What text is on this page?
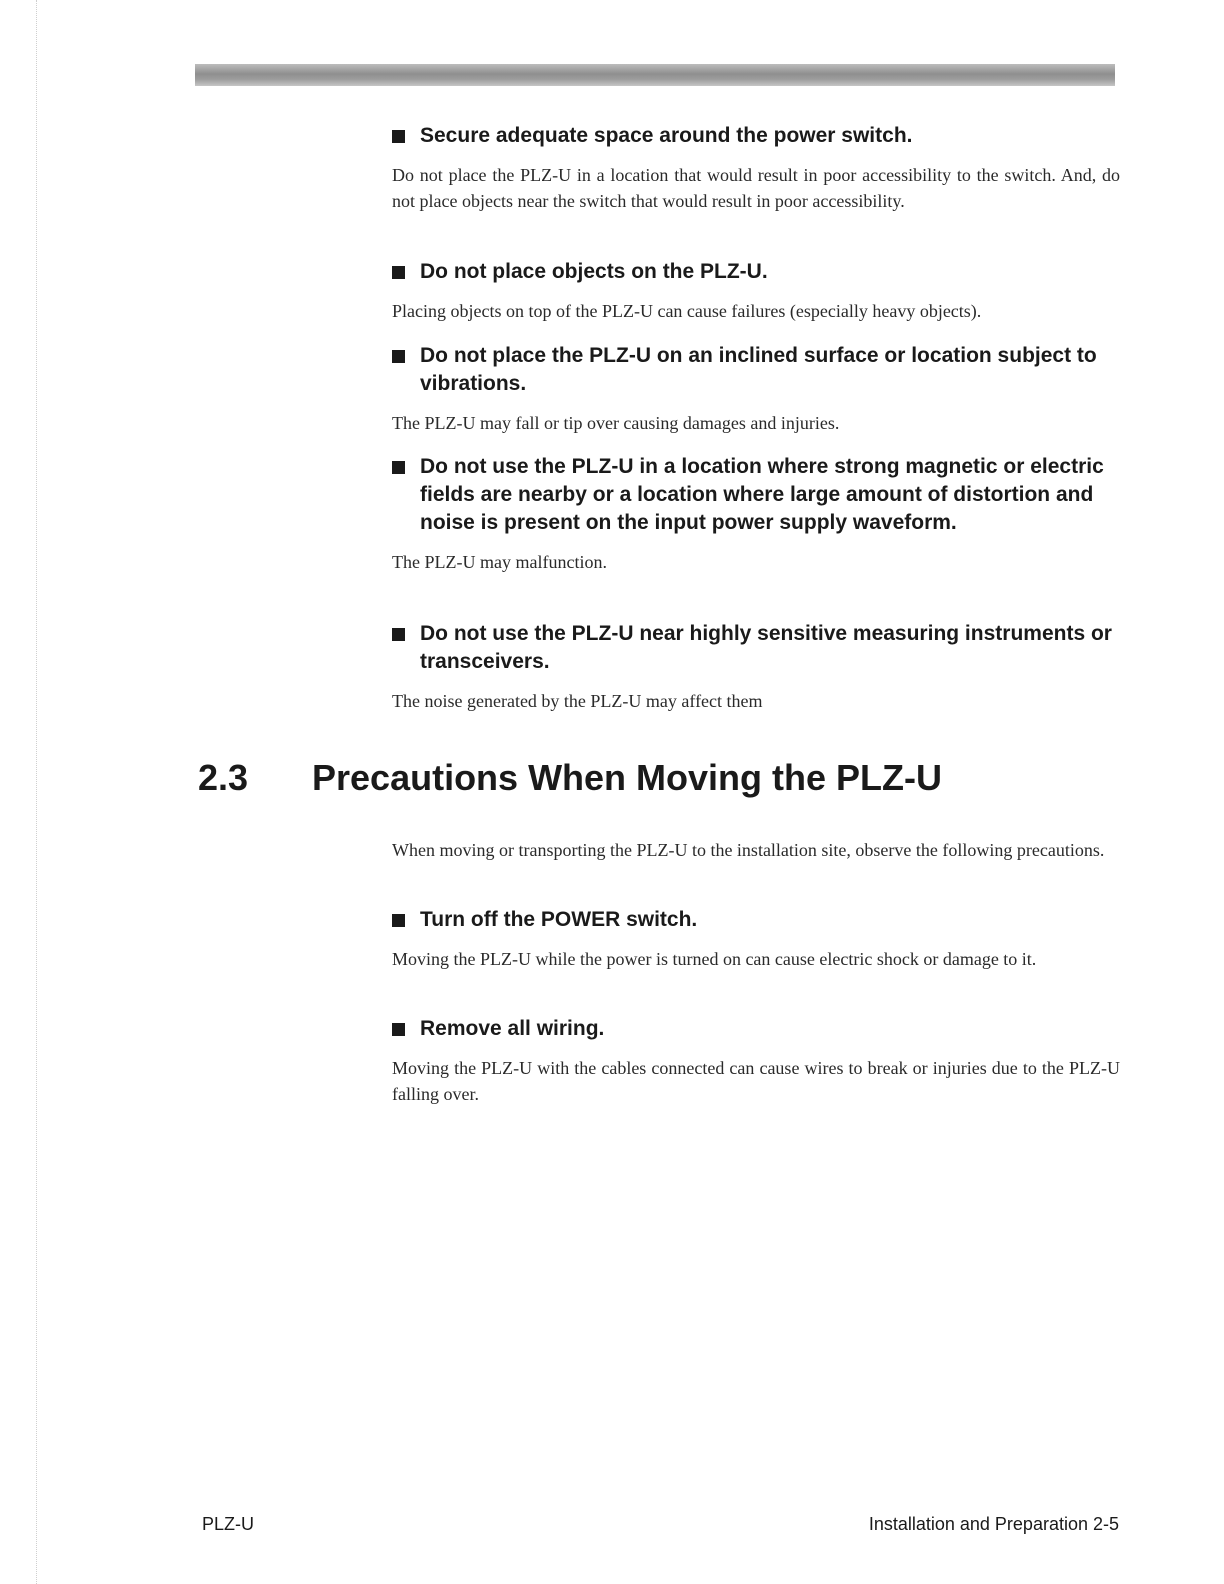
Secure adequate space around the power switch.

Do not place the PLZ-U in a location that would result in poor accessibility to the switch. And, do not place objects near the switch that would result in poor accessibility.

Do not place objects on the PLZ-U.

Placing objects on top of the PLZ-U can cause failures (especially heavy objects).

Do not place the PLZ-U on an inclined surface or location subject to vibrations.

The PLZ-U may fall or tip over causing damages and injuries.

Do not use the PLZ-U in a location where strong magnetic or electric fields are nearby or a location where large amount of distortion and noise is present on the input power supply waveform.

The PLZ-U may malfunction.

Do not use the PLZ-U near highly sensitive measuring instruments or transceivers.

The noise generated by the PLZ-U may affect them

2.3 Precautions When Moving the PLZ-U

When moving or transporting the PLZ-U to the installation site, observe the following precautions.

Turn off the POWER switch.

Moving the PLZ-U while the power is turned on can cause electric shock or damage to it.

Remove all wiring.

Moving the PLZ-U with the cables connected can cause wires to break or injuries due to the PLZ-U falling over.

PLZ-U	Installation and Preparation 2-5
